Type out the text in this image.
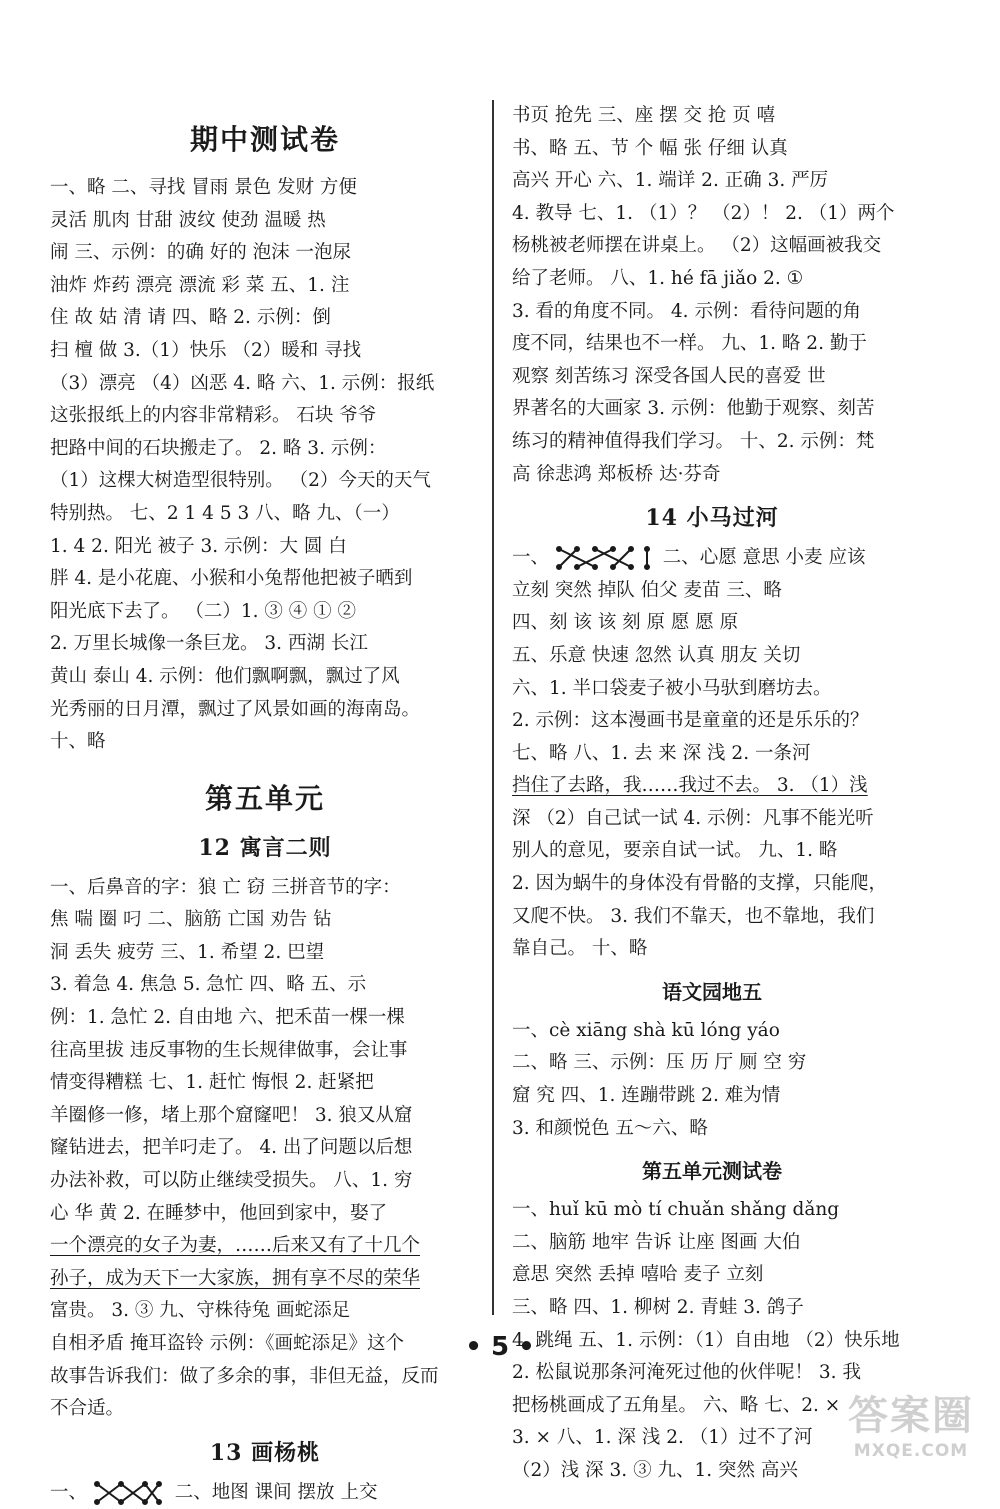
期中测试卷
一、略 二、寻找 冒雨 景色 发财 方便
灵活 肌肉 甘甜 波纹 使劲 温暖 热
闹 三、示例：的确 好的 泡沫 一泡尿
油炸 炸药 漂亮 漂流 彩 菜 五、1. 注
住 故 姑 清 请 四、略 2. 示例：倒
扫 檀 做 3.（1）快乐 （2）暖和 寻找
（3）漂亮 （4）凶恶 4. 略 六、1. 示例：报纸
这张报纸上的内容非常精彩。 石块 爷爷
把路中间的石块搬走了。 2. 略 3. 示例：
（1）这棵大树造型很特别。 （2）今天的天气
特别热。 七、2 1 4 5 3 八、略 九、（一）
1. 4 2. 阳光 被子 3. 示例：大 圆 白
胖 4. 是小花鹿、小猴和小兔帮他把被子晒到
阳光底下去了。 （二）1. ③ ④ ① ②
2. 万里长城像一条巨龙。 3. 西湖 长江
黄山 泰山 4. 示例：他们飘啊飘，飘过了风
光秀丽的日月潭，飘过了风景如画的海南岛。
十、略
第五单元
12 寓言二则
一、后鼻音的字：狼 亡 窃 三拼音节的字：
焦 喘 圈 叼 二、脑筋 亡国 劝告 钻
洞 丢失 疲劳 三、1. 希望 2. 巴望
3. 着急 4. 焦急 5. 急忙 四、略 五、示
例：1. 急忙 2. 自由地 六、把禾苗一棵一棵
往高里拔 违反事物的生长规律做事，会让事
情变得糟糕 七、1. 赶忙 悔恨 2. 赶紧把
羊圈修一修，堵上那个窟窿吧！ 3. 狼又从窟
窿钻进去，把羊叼走了。 4. 出了问题以后想
办法补救，可以防止继续受损失。 八、1. 穷
心 华 黄 2. 在睡梦中，他回到家中，娶了
一个漂亮的女子为妻，……后来又有了十几个
孙子，成为天下一大家族，拥有享不尽的荣华
富贵。 3. ③ 九、守株待兔 画蛇添足
自相矛盾 掩耳盗铃 示例：《画蛇添足》这个
故事告诉我们：做了多余的事，非但无益，反而
不合适。
13 画杨桃
一、	二、地图 课间 摆放 上交
书页 抢先 三、座 摆 交 抢 页 嘻
书、略 五、节 个 幅 张 仔细 认真
高兴 开心 六、1. 端详 2. 正确 3. 严厉
4. 教导 七、1. （1）？ （2）！ 2. （1）两个
杨桃被老师摆在讲桌上。 （2）这幅画被我交
给了老师。 八、1. hé fā jiǎo 2. ①
3. 看的角度不同。 4. 示例：看待问题的角
度不同，结果也不一样。 九、1. 略 2. 勤于
观察 刻苦练习 深受各国人民的喜爱 世
界著名的大画家 3. 示例：他勤于观察、刻苦
练习的精神值得我们学习。 十、2. 示例：梵
高 徐悲鸿 郑板桥 达·芬奇
14 小马过河
一、	二、心愿 意思 小麦 应该
立刻 突然 掉队 伯父 麦苗 三、略
四、刻 该 该 刻 原 愿 愿 原
五、乐意 快速 忽然 认真 朋友 关切
六、1. 半口袋麦子被小马驮到磨坊去。
2. 示例：这本漫画书是童童的还是乐乐的？
七、略 八、1. 去 来 深 浅 2. 一条河
挡住了去路，我……我过不去。 3. （1）浅
深 （2）自己试一试 4. 示例：凡事不能光听
别人的意见，要亲自试一试。 九、1. 略
2. 因为蜗牛的身体没有骨骼的支撑，只能爬，
又爬不快。 3. 我们不靠天，也不靠地，我们
靠自己。 十、略
语文园地五
一、cè xiāng shà kū lóng yáo
二、略 三、示例：压 历 厅 厕 空 穷
窟 究 四、1. 连蹦带跳 2. 难为情
3. 和颜悦色 五～六、略
第五单元测试卷
一、huǐ kū mò tí chuǎn shǎng dǎng
二、脑筋 地牢 告诉 让座 图画 大伯
意思 突然 丢掉 嘻哈 麦子 立刻
三、略 四、1. 柳树 2. 青蛙 3. 鸽子
4. 跳绳 五、1. 示例：（1）自由地 （2）快乐地
2. 松鼠说那条河淹死过他的伙伴呢！ 3. 我
把杨桃画成了五角星。 六、略 七、2. ×
3. × 八、1. 深 浅 2. （1）过不了河
（2）浅 深 3. ③ 九、1. 突然 高兴
• 5 •
答案圈
MXQE.COM
